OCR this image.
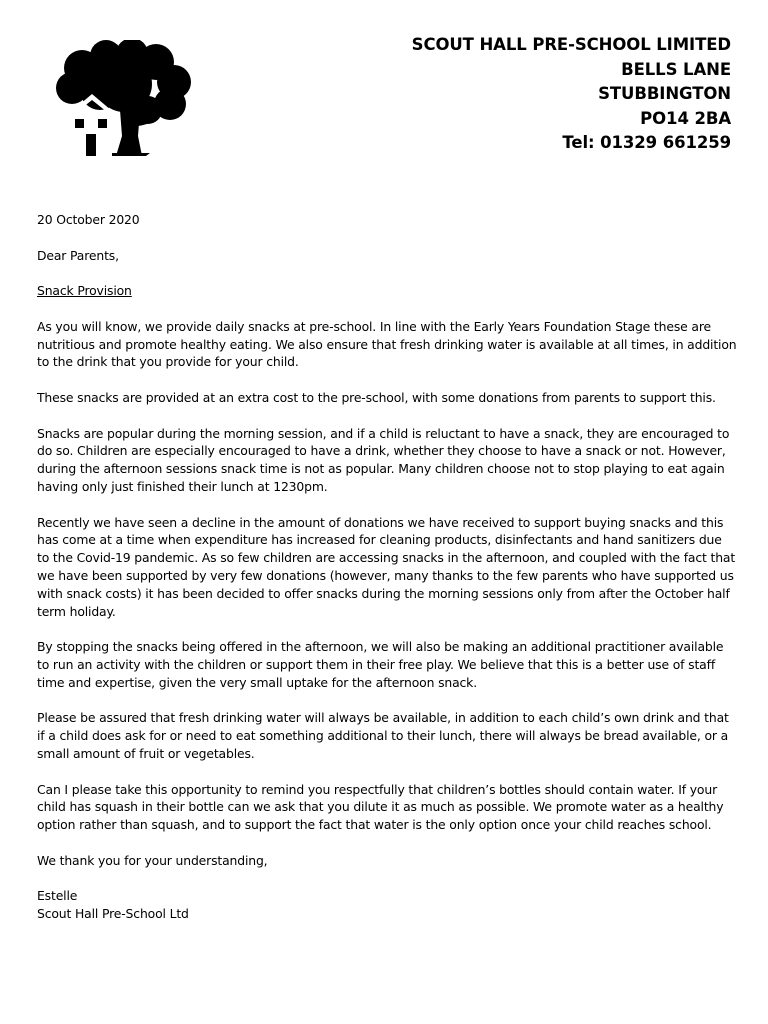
SCOUT HALL PRE-SCHOOL LIMITED
BELLS LANE
STUBBINGTON
PO14 2BA
Tel: 01329 661259

20 October 2020

Dear Parents,

Snack Provision

As you will know, we provide daily snacks at pre-school. In line with the Early Years Foundation Stage these are nutritious and promote healthy eating. We also ensure that fresh drinking water is available at all times, in addition to the drink that you provide for your child.

These snacks are provided at an extra cost to the pre-school, with some donations from parents to support this.

Snacks are popular during the morning session, and if a child is reluctant to have a snack, they are encouraged to do so. Children are especially encouraged to have a drink, whether they choose to have a snack or not. However, during the afternoon sessions snack time is not as popular. Many children choose not to stop playing to eat again having only just finished their lunch at 1230pm.

Recently we have seen a decline in the amount of donations we have received to support buying snacks and this has come at a time when expenditure has increased for cleaning products, disinfectants and hand sanitizers due to the Covid-19 pandemic. As so few children are accessing snacks in the afternoon, and coupled with the fact that we have been supported by very few donations (however, many thanks to the few parents who have supported us with snack costs) it has been decided to offer snacks during the morning sessions only from after the October half term holiday.

By stopping the snacks being offered in the afternoon, we will also be making an additional practitioner available to run an activity with the children or support them in their free play. We believe that this is a better use of staff time and expertise, given the very small uptake for the afternoon snack.

Please be assured that fresh drinking water will always be available, in addition to each child’s own drink and that if a child does ask for or need to eat something additional to their lunch, there will always be bread available, or a small amount of fruit or vegetables.

Can I please take this opportunity to remind you respectfully that children’s bottles should contain water. If your child has squash in their bottle can we ask that you dilute it as much as possible. We promote water as a healthy option rather than squash, and to support the fact that water is the only option once your child reaches school.

We thank you for your understanding,

Estelle

Scout Hall Pre-School Ltd
